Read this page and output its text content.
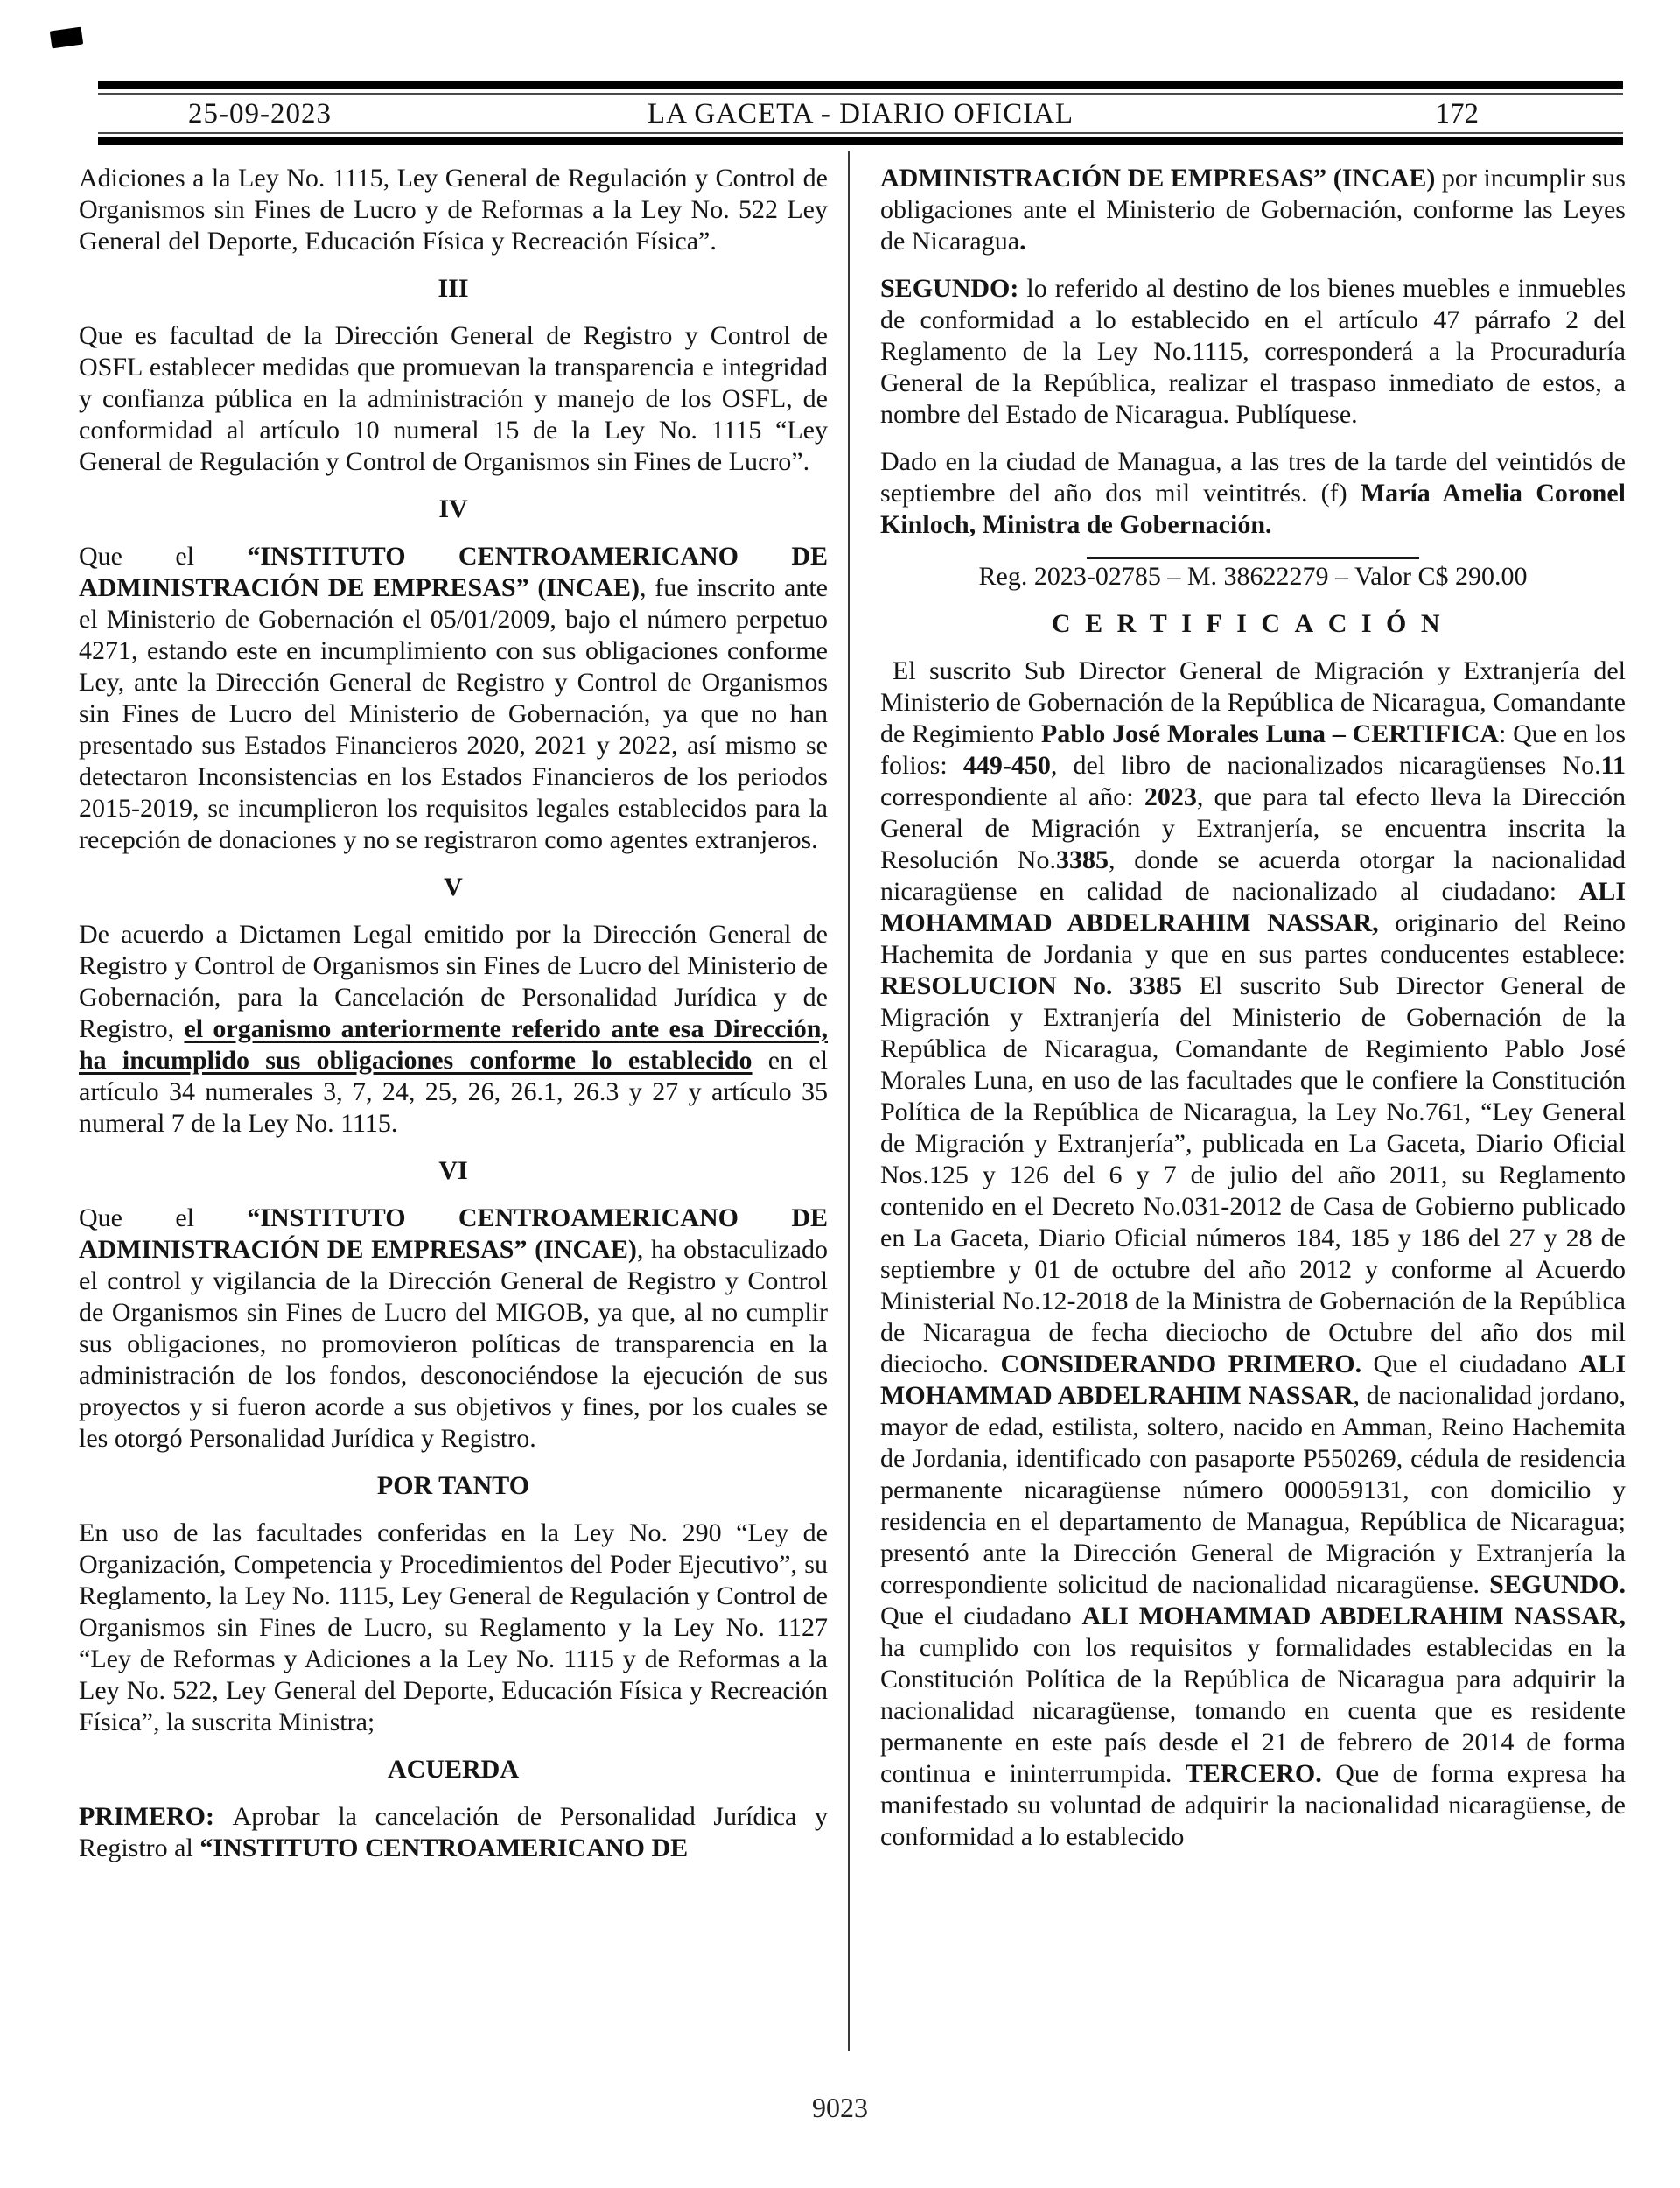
25-09-2023	LA GACETA - DIARIO OFICIAL	172

Adiciones a la Ley No. 1115, Ley General de Regulación y Control de Organismos sin Fines de Lucro y de Reformas a la Ley No. 522 Ley General del Deporte, Educación Física y Recreación Física”.

III

Que es facultad de la Dirección General de Registro y Control de OSFL establecer medidas que promuevan la transparencia e integridad y confianza pública en la administración y manejo de los OSFL, de conformidad al artículo 10 numeral 15 de la Ley No. 1115 “Ley General de Regulación y Control de Organismos sin Fines de Lucro”.

IV

Que el “INSTITUTO CENTROAMERICANO DE ADMINISTRACIÓN DE EMPRESAS” (INCAE), fue inscrito ante el Ministerio de Gobernación el 05/01/2009, bajo el número perpetuo 4271, estando este en incumplimiento con sus obligaciones conforme Ley, ante la Dirección General de Registro y Control de Organismos sin Fines de Lucro del Ministerio de Gobernación, ya que no han presentado sus Estados Financieros 2020, 2021 y 2022, así mismo se detectaron Inconsistencias en los Estados Financieros de los periodos 2015-2019, se incumplieron los requisitos legales establecidos para la recepción de donaciones y no se registraron como agentes extranjeros.

V

De acuerdo a Dictamen Legal emitido por la Dirección General de Registro y Control de Organismos sin Fines de Lucro del Ministerio de Gobernación, para la Cancelación de Personalidad Jurídica y de Registro, el organismo anteriormente referido ante esa Dirección, ha incumplido sus obligaciones conforme lo establecido en el artículo 34 numerales 3, 7, 24, 25, 26, 26.1, 26.3 y 27 y artículo 35 numeral 7 de la Ley No. 1115.

VI

Que el “INSTITUTO CENTROAMERICANO DE ADMINISTRACIÓN DE EMPRESAS” (INCAE), ha obstaculizado el control y vigilancia de la Dirección General de Registro y Control de Organismos sin Fines de Lucro del MIGOB, ya que, al no cumplir sus obligaciones, no promovieron políticas de transparencia en la administración de los fondos, desconociéndose la ejecución de sus proyectos y si fueron acorde a sus objetivos y fines, por los cuales se les otorgó Personalidad Jurídica y Registro.

POR TANTO

En uso de las facultades conferidas en la Ley No. 290 “Ley de Organización, Competencia y Procedimientos del Poder Ejecutivo”, su Reglamento, la Ley No. 1115, Ley General de Regulación y Control de Organismos sin Fines de Lucro, su Reglamento y la Ley No. 1127 “Ley de Reformas y Adiciones a la Ley No. 1115 y de Reformas a la Ley No. 522, Ley General del Deporte, Educación Física y Recreación Física”, la suscrita Ministra;

ACUERDA

PRIMERO: Aprobar la cancelación de Personalidad Jurídica y Registro al “INSTITUTO CENTROAMERICANO DE

ADMINISTRACIÓN DE EMPRESAS” (INCAE) por incumplir sus obligaciones ante el Ministerio de Gobernación, conforme las Leyes de Nicaragua.

SEGUNDO: lo referido al destino de los bienes muebles e inmuebles de conformidad a lo establecido en el artículo 47 párrafo 2 del Reglamento de la Ley No.1115, corresponderá a la Procuraduría General de la República, realizar el traspaso inmediato de estos, a nombre del Estado de Nicaragua. Publíquese.

Dado en la ciudad de Managua, a las tres de la tarde del veintidós de septiembre del año dos mil veintitrés. (f) María Amelia Coronel Kinloch, Ministra de Gobernación.

Reg. 2023-02785 – M. 38622279 – Valor C$ 290.00

CERTIFICACIÓN

El suscrito Sub Director General de Migración y Extranjería del Ministerio de Gobernación de la República de Nicaragua, Comandante de Regimiento Pablo José Morales Luna – CERTIFICA: Que en los folios: 449-450, del libro de nacionalizados nicaragüenses No.11 correspondiente al año: 2023, que para tal efecto lleva la Dirección General de Migración y Extranjería, se encuentra inscrita la Resolución No.3385, donde se acuerda otorgar la nacionalidad nicaragüense en calidad de nacionalizado al ciudadano: ALI MOHAMMAD ABDELRAHIM NASSAR, originario del Reino Hachemita de Jordania y que en sus partes conducentes establece: RESOLUCION No. 3385 El suscrito Sub Director General de Migración y Extranjería del Ministerio de Gobernación de la República de Nicaragua, Comandante de Regimiento Pablo José Morales Luna, en uso de las facultades que le confiere la Constitución Política de la República de Nicaragua, la Ley No.761, “Ley General de Migración y Extranjería”, publicada en La Gaceta, Diario Oficial Nos.125 y 126 del 6 y 7 de julio del año 2011, su Reglamento contenido en el Decreto No.031-2012 de Casa de Gobierno publicado en La Gaceta, Diario Oficial números 184, 185 y 186 del 27 y 28 de septiembre y 01 de octubre del año 2012 y conforme al Acuerdo Ministerial No.12-2018 de la Ministra de Gobernación de la República de Nicaragua de fecha dieciocho de Octubre del año dos mil dieciocho. CONSIDERANDO PRIMERO. Que el ciudadano ALI MOHAMMAD ABDELRAHIM NASSAR, de nacionalidad jordano, mayor de edad, estilista, soltero, nacido en Amman, Reino Hachemita de Jordania, identificado con pasaporte P550269, cédula de residencia permanente nicaragüense número 000059131, con domicilio y residencia en el departamento de Managua, República de Nicaragua; presentó ante la Dirección General de Migración y Extranjería la correspondiente solicitud de nacionalidad nicaragüense. SEGUNDO. Que el ciudadano ALI MOHAMMAD ABDELRAHIM NASSAR, ha cumplido con los requisitos y formalidades establecidas en la Constitución Política de la República de Nicaragua para adquirir la nacionalidad nicaragüense, tomando en cuenta que es residente permanente en este país desde el 21 de febrero de 2014 de forma continua e ininterrumpida. TERCERO. Que de forma expresa ha manifestado su voluntad de adquirir la nacionalidad nicaragüense, de conformidad a lo establecido

9023
